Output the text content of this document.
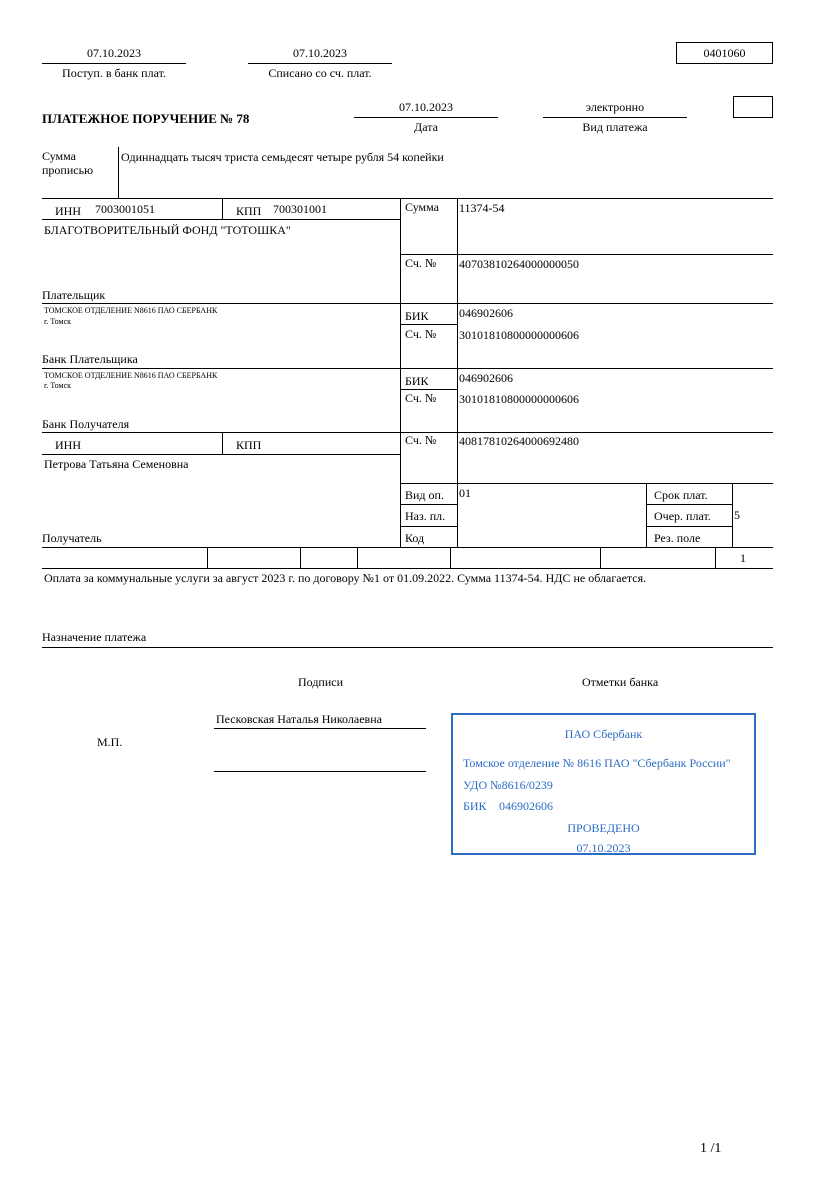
07.10.2023
Поступ. в банк плат.
07.10.2023
Списано со сч. плат.
0401060
ПЛАТЕЖНОЕ ПОРУЧЕНИЕ № 78
07.10.2023
Дата
электронно
Вид платежа
Сумма
прописью
Одиннадцать тысяч триста семьдесят четыре рубля 54 копейки
1
ИНН 7003001051	КПП 700301001
БЛАГОТВОРИТЕЛЬНЫЙ ФОНД "ТОТОШКА"
Плательщик
Сумма 11374-54
Сч. № 40703810264000000050
ТОМСКОЕ ОТДЕЛЕНИЕ N8616 ПАО СБЕРБАНК
г. Томск
Банк Плательщика
БИК	046902606
Сч. № 30101810800000000606
ТОМСКОЕ ОТДЕЛЕНИЕ N8616 ПАО СБЕРБАНК
г. Томск
Банк Получателя
БИК	046902606
Сч. № 30101810800000000606
ИНН	КПП
Петрова Татьяна Семеновна
Получатель
Сч. № 40817810264000692480
Вид оп. 01
Наз. пл.
Код
Срок плат.
Очер. плат. 5
Рез. поле
Оплата за коммунальные услуги за август 2023 г. по договору №1 от 01.09.2022. Сумма 11374-54. НДС не облагается.
Назначение платежа
Подписи	Отметки банка
М.П.
Песковская Наталья Николаевна
ПАО Сбербанк
Томское отделение № 8616 ПАО "Сбербанк России"
УДО №8616/0239
БИК 046902606
ПРОВЕДЕНО
07.10.2023
1 /1
